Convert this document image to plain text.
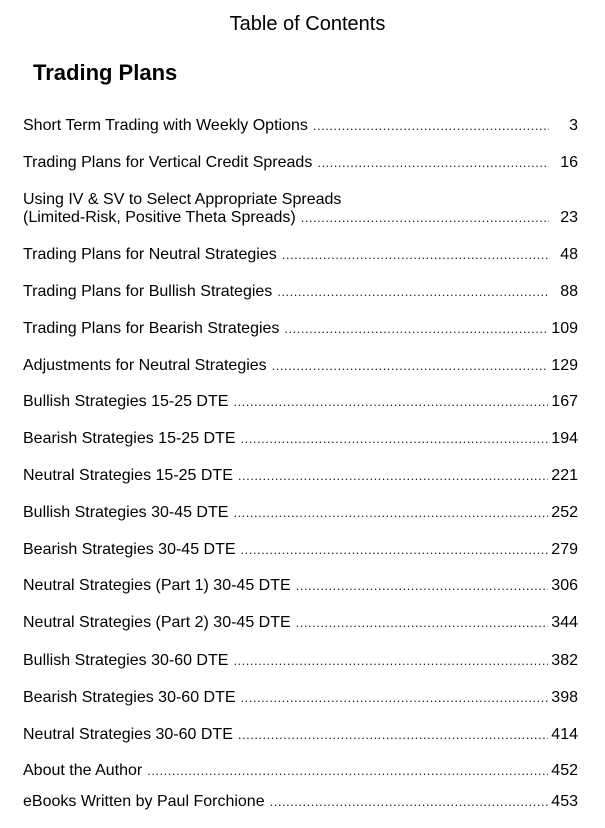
Table of Contents
Trading Plans
Short Term Trading with Weekly Options .....	3
Trading Plans for Vertical Credit Spreads .....	16
Using IV & SV to Select Appropriate Spreads
(Limited-Risk, Positive Theta Spreads) .....	23
Trading Plans for Neutral Strategies .....	48
Trading Plans for Bullish Strategies .....	88
Trading Plans for Bearish Strategies .....	109
Adjustments for Neutral Strategies .....	129
Bullish Strategies 15-25 DTE .....	167
Bearish Strategies 15-25 DTE .....	194
Neutral Strategies 15-25 DTE .....	221
Bullish Strategies 30-45 DTE .....	252
Bearish Strategies 30-45 DTE .....	279
Neutral Strategies (Part 1) 30-45 DTE .....	306
Neutral Strategies (Part 2) 30-45 DTE .....	344
Bullish Strategies 30-60 DTE .....	382
Bearish Strategies 30-60 DTE .....	398
Neutral Strategies 30-60 DTE .....	414
About the Author .....	452
eBooks Written by Paul Forchione .....	453
